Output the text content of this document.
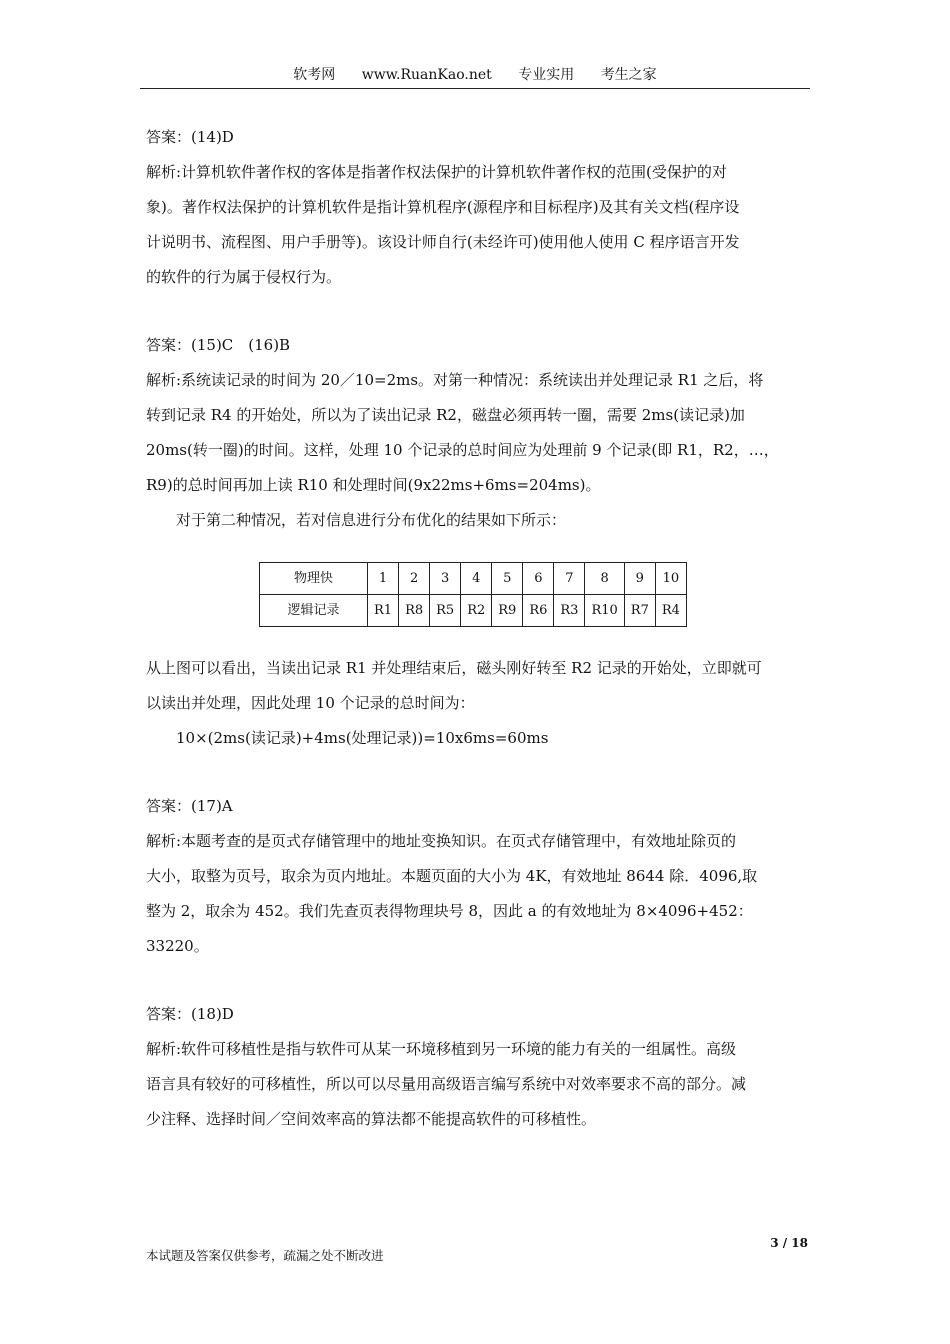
软考网 www.RuanKao.net 专业实用 考生之家

答案：(14)D

解析:计算机软件著作权的客体是指著作权法保护的计算机软件著作权的范围(受保护的对

象)。著作权法保护的计算机软件是指计算机程序(源程序和目标程序)及其有关文档(程序设

计说明书、流程图、用户手册等)。该设计师自行(未经许可)使用他人使用 C 程序语言开发

的软件的行为属于侵权行为。

答案：(15)C　(16)B

解析:系统读记录的时间为 20／10=2ms。对第一种情况：系统读出并处理记录 R1 之后，将

转到记录 R4 的开始处，所以为了读出记录 R2，磁盘必须再转一圈，需要 2ms(读记录)加

20ms(转一圈)的时间。这样，处理 10 个记录的总时间应为处理前 9 个记录(即 R1，R2，…，

R9)的总时间再加上读 R10 和处理时间(9x22ms+6ms=204ms)。

对于第二种情况，若对信息进行分布优化的结果如下所示：

物理快	1	2	3	4	5	6	7	8	9	10
逻辑记录	R1	R8	R5	R2	R9	R6	R3	R10	R7	R4

从上图可以看出，当读出记录 R1 并处理结束后，磁头刚好转至 R2 记录的开始处，立即就可

以读出并处理，因此处理 10 个记录的总时间为：

10×(2ms(读记录)+4ms(处理记录))=10x6ms=60ms

答案：(17)A

解析:本题考查的是页式存储管理中的地址变换知识。在页式存储管理中，有效地址除页的

大小，取整为页号，取余为页内地址。本题页面的大小为 4K，有效地址 8644 除．4096,取

整为 2，取余为 452。我们先查页表得物理块号 8，因此 a 的有效地址为 8×4096+452：33220。

答案：(18)D

解析:软件可移植性是指与软件可从某一环境移植到另一环境的能力有关的一组属性。高级

语言具有较好的可移植性，所以可以尽量用高级语言编写系统中对效率要求不高的部分。减

少注释、选择时间／空间效率高的算法都不能提高软件的可移植性。

3 / 18
本试题及答案仅供参考，疏漏之处不断改进
